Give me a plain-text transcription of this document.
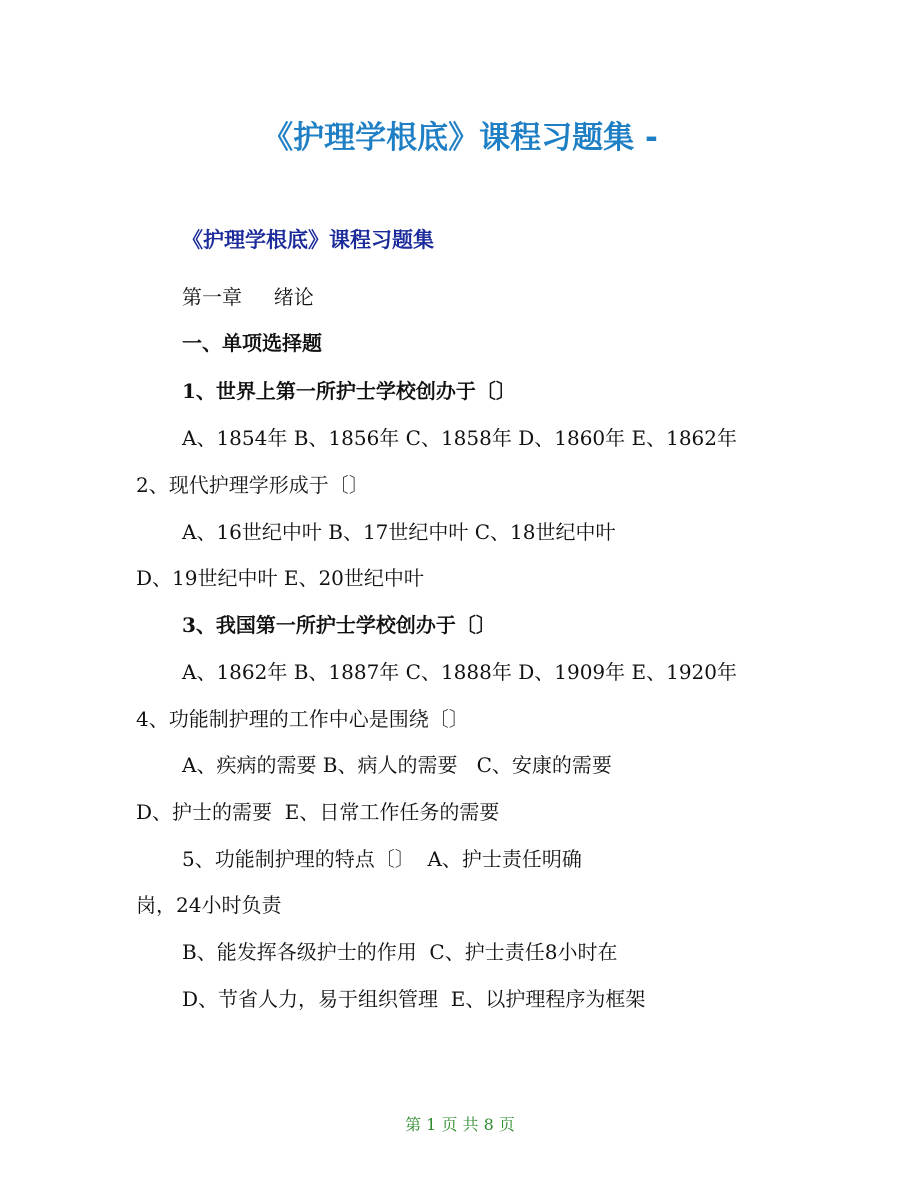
《护理学根底》课程习题集 -
《护理学根底》课程习题集
第一章     绪论
一、单项选择题
1、世界上第一所护士学校创办于〔〕
A、1854年 B、1856年 C、1858年 D、1860年 E、1862年
2、现代护理学形成于〔〕
A、16世纪中叶 B、17世纪中叶 C、18世纪中叶
D、19世纪中叶 E、20世纪中叶
3、我国第一所护士学校创办于〔〕
A、1862年 B、1887年 C、1888年 D、1909年 E、1920年
4、功能制护理的工作中心是围绕〔〕
A、疾病的需要 B、病人的需要   C、安康的需要
D、护士的需要  E、日常工作任务的需要
5、功能制护理的特点〔〕  A、护士责任明确
岗，24小时负责
B、能发挥各级护士的作用  C、护士责任8小时在
D、节省人力，易于组织管理  E、以护理程序为框架
第 1 页 共 8 页
